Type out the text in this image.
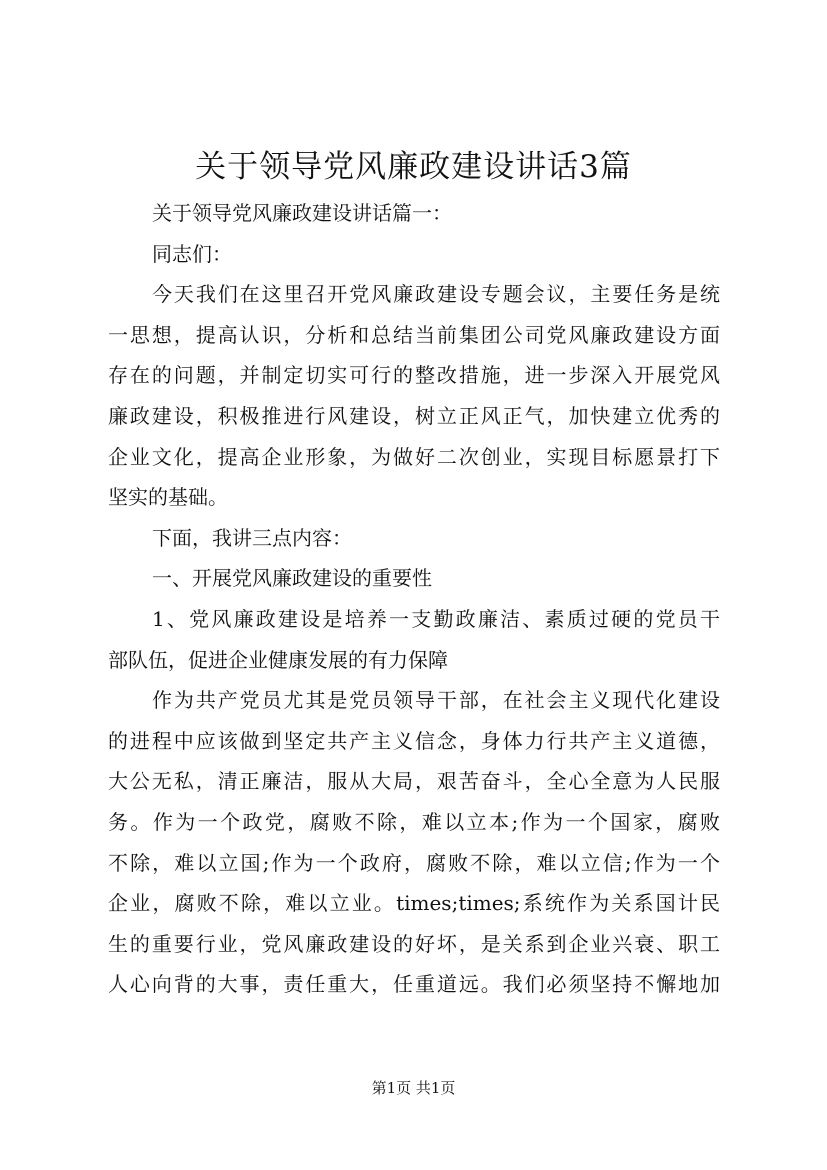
关于领导党风廉政建设讲话3篇
关于领导党风廉政建设讲话篇一：
同志们：
今天我们在这里召开党风廉政建设专题会议，主要任务是统
一思想，提高认识，分析和总结当前集团公司党风廉政建设方面
存在的问题，并制定切实可行的整改措施，进一步深入开展党风
廉政建设，积极推进行风建设，树立正风正气，加快建立优秀的
企业文化，提高企业形象，为做好二次创业，实现目标愿景打下
坚实的基础。
下面，我讲三点内容：
一、开展党风廉政建设的重要性
1、党风廉政建设是培养一支勤政廉洁、素质过硬的党员干
部队伍，促进企业健康发展的有力保障
作为共产党员尤其是党员领导干部，在社会主义现代化建设
的进程中应该做到坚定共产主义信念，身体力行共产主义道德，
大公无私，清正廉洁，服从大局，艰苦奋斗，全心全意为人民服
务。作为一个政党，腐败不除，难以立本;作为一个国家，腐败
不除，难以立国;作为一个政府，腐败不除，难以立信;作为一个
企业，腐败不除，难以立业。times;times;系统作为关系国计民
生的重要行业，党风廉政建设的好坏，是关系到企业兴衰、职工
人心向背的大事，责任重大，任重道远。我们必须坚持不懈地加
第1页 共1页
